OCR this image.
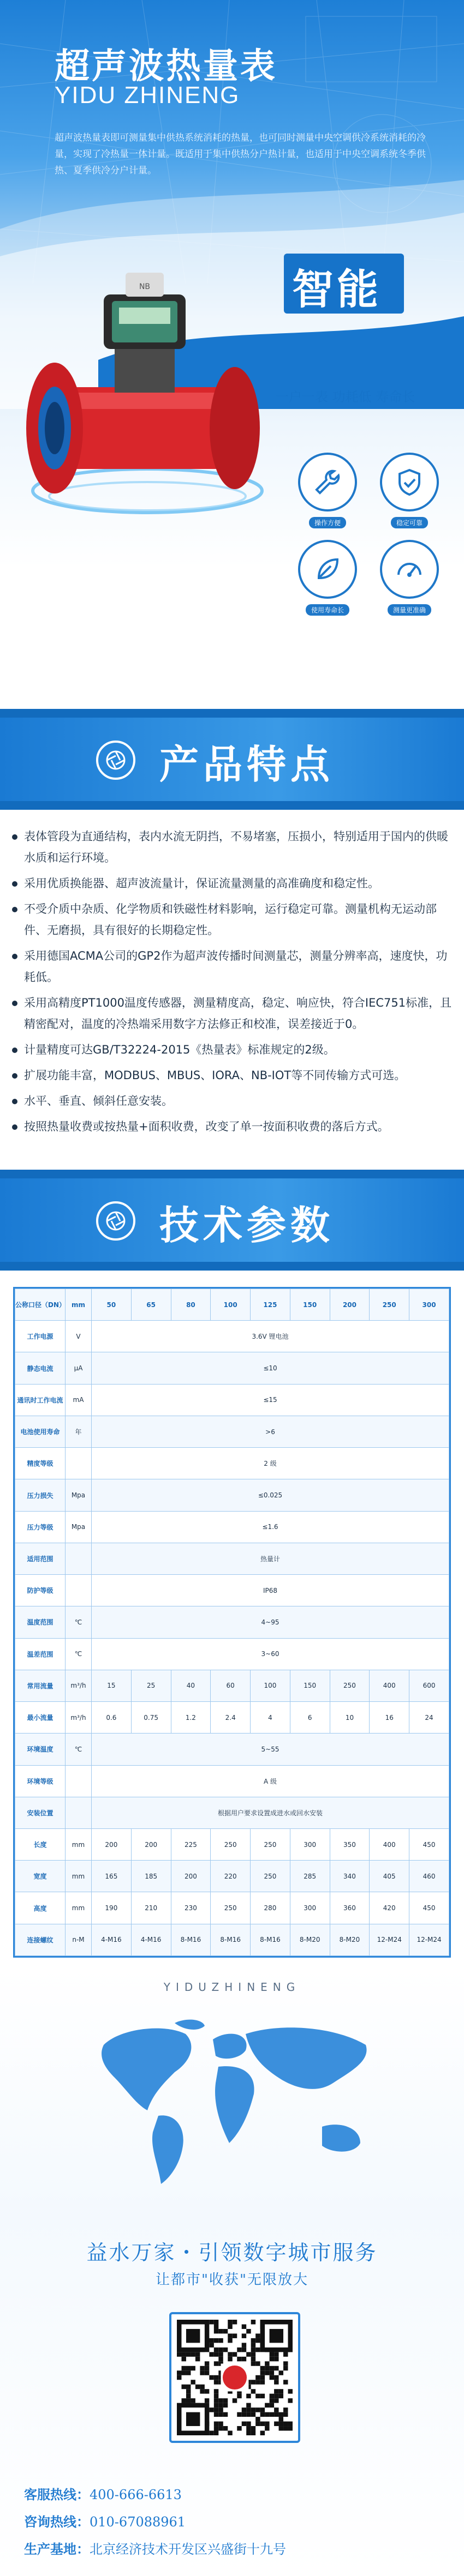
超声波热量表
YIDU ZHINENG
超声波热量表即可测量集中供热系统消耗的热量，也可同时测量中央空调供冷系统消耗的冷量，实现了冷热量一体计量。既适用于集中供热分户热计量，也适用于中央空调系统冬季供热、夏季供冷分户计量。
智能
一户一表 功耗低 寿命长
NB
操作方便	稳定可靠
使用寿命长	测量更准确
产品特点
表体管段为直通结构，表内水流无阴挡，不易堵塞，压损小，特别适用于国内的供暖水质和运行环境。
采用优质换能器、超声波流量计，保证流量测量的高准确度和稳定性。
不受介质中杂质、化学物质和铁磁性材料影响，运行稳定可靠。测量机构无运动部件、无磨损，具有很好的长期稳定性。
采用德国ACMA公司的GP2作为超声波传播时间测量芯，测量分辨率高，速度快，功耗低。
采用高精度PT1000温度传感器，测量精度高，稳定、响应快，符合IEC751标准，且精密配对，温度的冷热端采用数字方法修正和校准，误差接近于0。
计量精度可达GB/T32224-2015《热量表》标准规定的2级。
扩展功能丰富，MODBUS、MBUS、IORA、NB-IOT等不同传输方式可选。
水平、垂直、倾斜任意安装。
按照热量收费或按热量+面积收费，改变了单一按面积收费的落后方式。
技术参数
公称口径（DN）	mm	50	65	80	100	125	150	200	250	300
工作电源	V	3.6V 锂电池								
静态电流	μA	≤10								
通讯时工作电流	mA	≤15								
电池使用寿命	年	>6								
精度等级		2 级								
压力损失	Mpa	≤0.025								
压力等级	Mpa	≤1.6								
适用范围		热量计								
防护等级		IP68								
温度范围	℃	4~95								
温差范围	℃	3~60								
常用流量	m³/h	15	25	40	60	100	150	250	400	600
最小流量	m³/h	0.6	0.75	1.2	2.4	4	6	10	16	24
环境温度	℃	5~55								
环境等级		A 级								
安装位置		根据用户要求设置成进水或回水安装								
长度	mm	200	200	225	250	250	300	350	400	450
宽度	mm	165	185	200	220	250	285	340	405	460
高度	mm	190	210	230	250	280	300	360	420	450
连接螺纹	n-M	4-M16	4-M16	8-M16	8-M16	8-M16	8-M20	8-M20	12-M24	12-M24
YIDUZHINENG
益水万家・引领数字城市服务
让都市"收获"无限放大
客服热线：400-666-6613
咨询热线：010-67088961
生产基地：北京经济技术开发区兴盛街十九号
